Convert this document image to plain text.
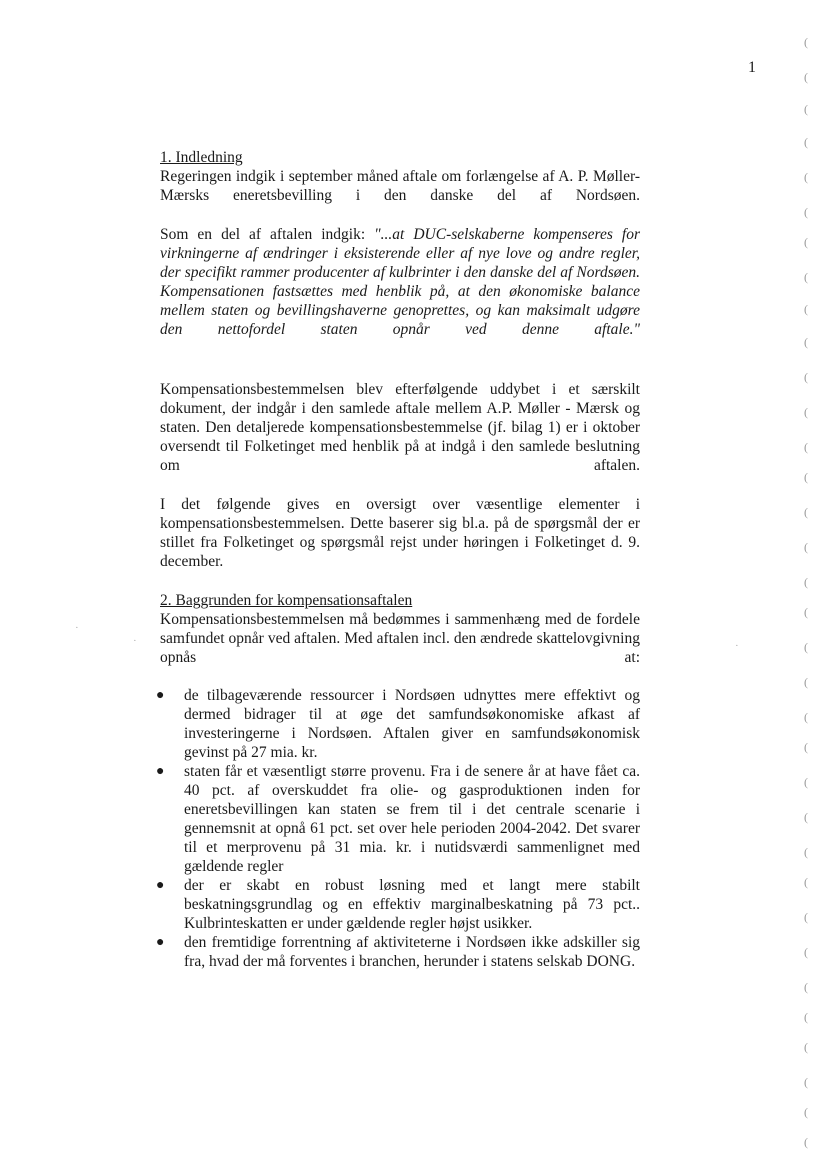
1
1. Indledning
Regeringen indgik i september måned aftale om forlængelse af A. P. Møller-Mærsks eneretsbevilling i den danske del af Nordsøen.
Som en del af aftalen indgik: "...at DUC-selskaberne kompenseres for virkningerne af ændringer i eksisterende eller af nye love og andre regler, der specifikt rammer producenter af kulbrinter i den danske del af Nordsøen. Kompensationen fastsættes med henblik på, at den økonomiske balance mellem staten og bevillingshaverne genoprettes, og kan maksimalt udgøre den nettofordel staten opnår ved denne aftale."
Kompensationsbestemmelsen blev efterfølgende uddybet i et særskilt dokument, der indgår i den samlede aftale mellem A.P. Møller - Mærsk og staten. Den detaljerede kompensationsbestemmelse (jf. bilag 1) er i oktober oversendt til Folketinget med henblik på at indgå i den samlede beslutning om aftalen.
I det følgende gives en oversigt over væsentlige elementer i kompensationsbestemmelsen. Dette baserer sig bl.a. på de spørgsmål der er stillet fra Folketinget og spørgsmål rejst under høringen i Folketinget d. 9. december.
2. Baggrunden for kompensationsaftalen
Kompensationsbestemmelsen må bedømmes i sammenhæng med de fordele samfundet opnår ved aftalen. Med aftalen incl. den ændrede skattelovgivning opnås at:
● de tilbageværende ressourcer i Nordsøen udnyttes mere effektivt og dermed bidrager til at øge det samfundsøkonomiske afkast af investeringerne i Nordsøen. Aftalen giver en samfundsøkonomisk gevinst på 27 mia. kr.
● staten får et væsentligt større provenu. Fra i de senere år at have fået ca. 40 pct. af overskuddet fra olie- og gasproduktionen inden for eneretsbevillingen kan staten se frem til i det centrale scenarie i gennemsnit at opnå 61 pct. set over hele perioden 2004-2042. Det svarer til et merprovenu på 31 mia. kr. i nutidsværdi sammenlignet med gældende regler
● der er skabt en robust løsning med et langt mere stabilt beskatningsgrundlag og en effektiv marginalbeskatning på 73 pct.. Kulbrinteskatten er under gældende regler højst usikker.
● den fremtidige forrentning af aktiviteterne i Nordsøen ikke adskiller sig fra, hvad der må forventes i branchen, herunder i statens selskab DONG.
(
(
(
(
(
(
(
(
(
(
(
(
(
(
(
(
(
(
(
(
(
(
(
(
(
(
(
(
(
(
(
(
(
(
·
·	·
